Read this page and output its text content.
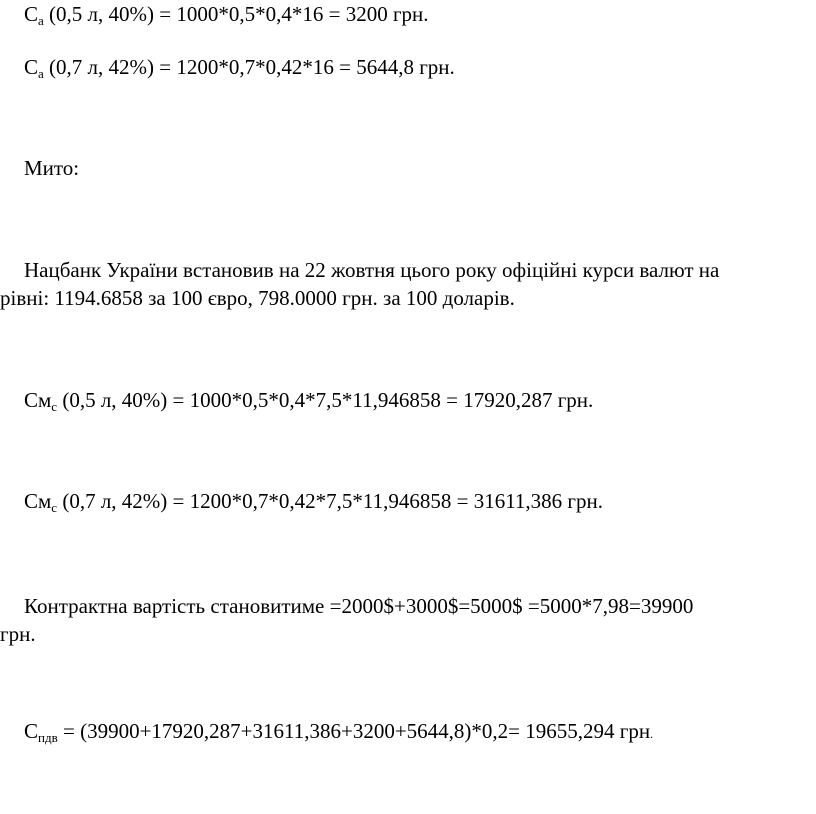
$С_а$ (0,5 л, 40%) = 1000*0,5*0,4*16 = 3200 грн.
$С_а$ (0,7 л, 42%) = 1200*0,7*0,42*16 = 5644,8 грн.
Мито:
Нацбанк України встановив на 22 жовтня цього року офіційні курси валют на
рівні: 1194.6858 за 100 євро, 798.0000 грн. за 100 доларів.
$См_с$ (0,5 л, 40%) = 1000*0,5*0,4*7,5*11,946858 = 17920,287 грн.
$См_с$ (0,7 л, 42%) = 1200*0,7*0,42*7,5*11,946858 = 31611,386 грн.
Контрактна вартість становитиме =2000$+3000$=5000$ =5000*7,98=39900
грн.
$С_{пдв} = (39900+17920,287+31611,386+3200+5644,8)*0,2= 19655,294$ грн.
